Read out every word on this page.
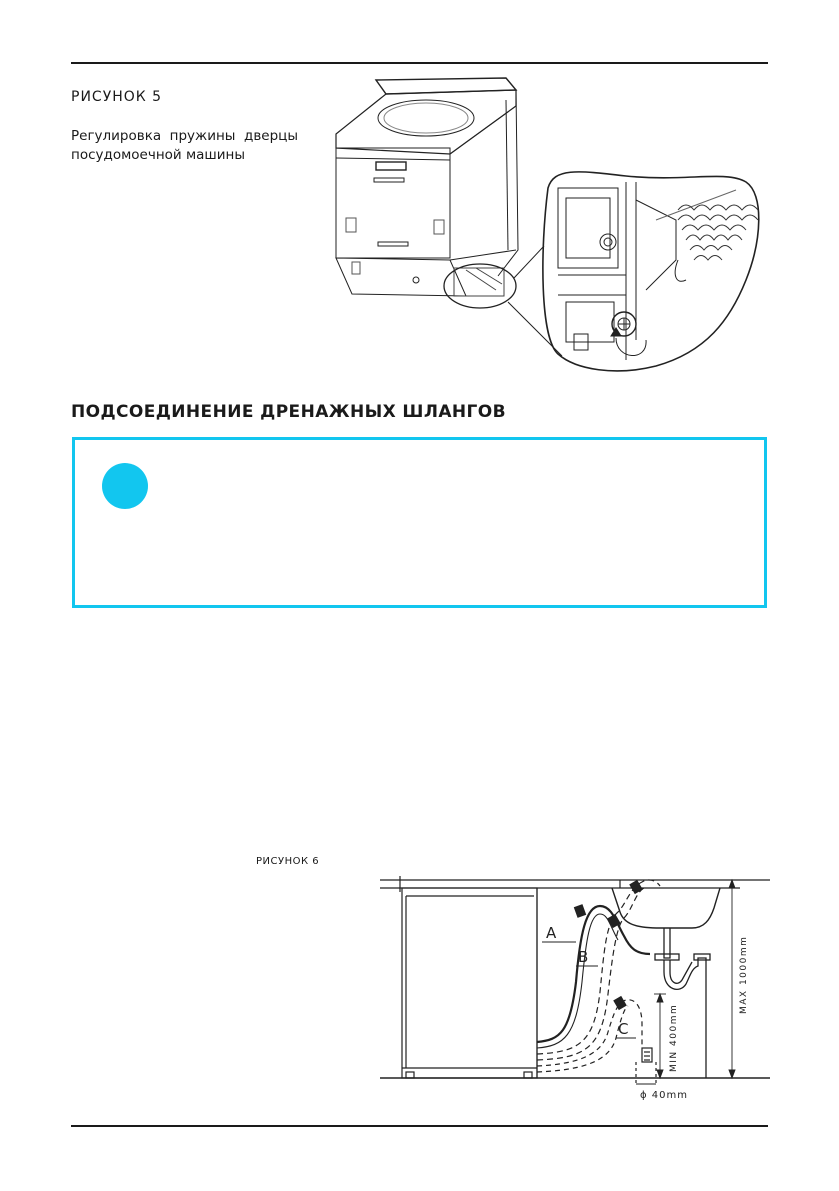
РИСУНОК 5
Регулировка пружины дверцы посудомоечной машины
ПОДСОЕДИНЕНИЕ ДРЕНАЖНЫХ ШЛАНГОВ
РИСУНОК 6
A
B
C
MAX 1000mm
MIN 400mm
ϕ 40mm
